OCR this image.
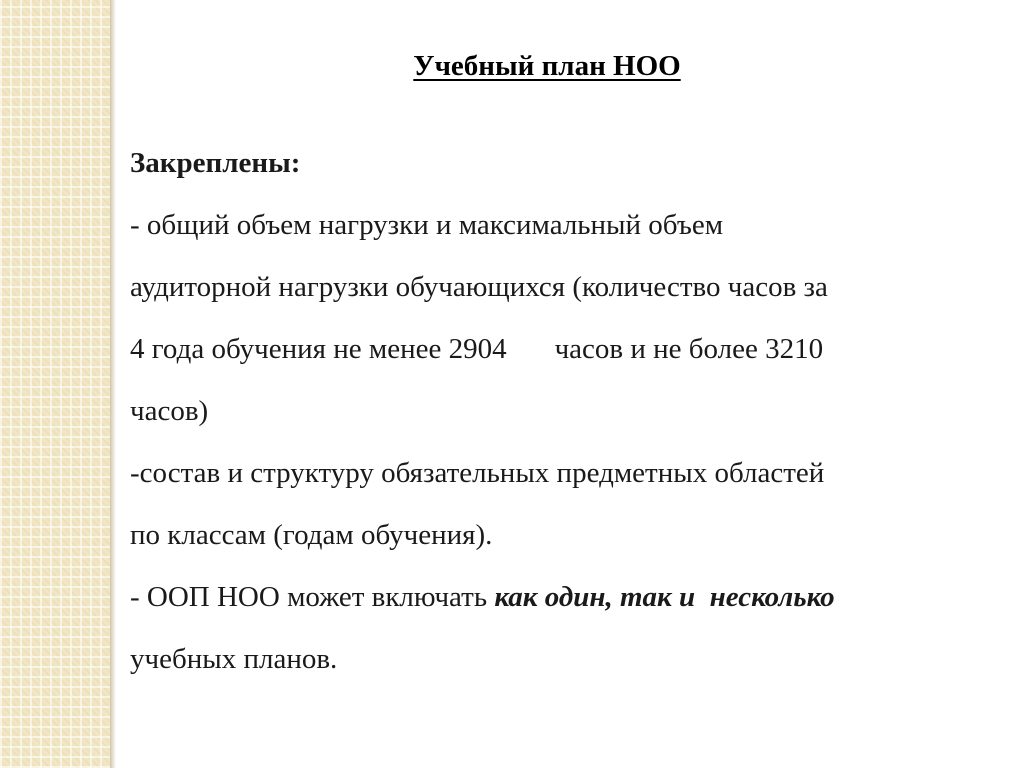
Учебный план НОО
Закреплены:
- общий объем нагрузки и максимальный объем
аудиторной нагрузки обучающихся (количество часов за
4 года обучения не менее 2904 часов и не более 3210
часов)
-состав и структуру обязательных предметных областей
по классам (годам обучения).
- ООП НОО может включать как один, так и  несколько
учебных планов.
